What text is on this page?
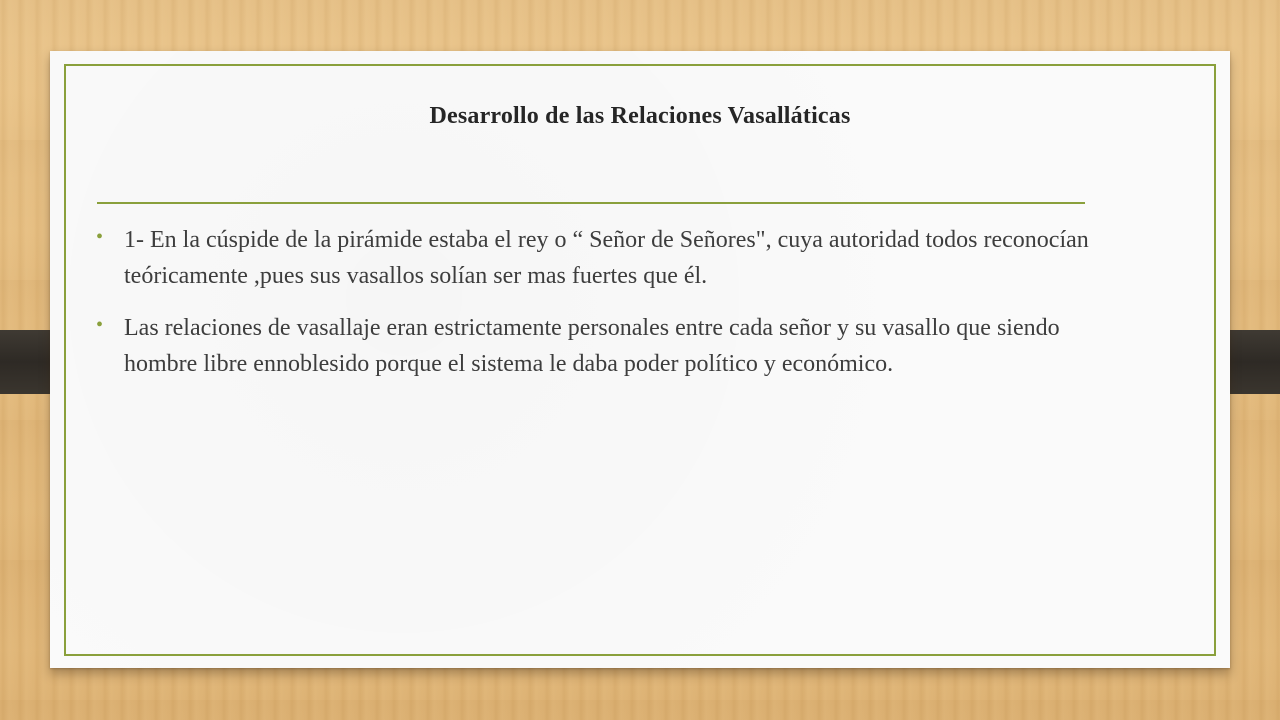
Desarrollo de las Relaciones Vasalláticas
• 1- En la cúspide de la pirámide estaba el rey o “ Señor de Señores", cuya autoridad todos reconocían teóricamente ,pues sus vasallos solían ser mas fuertes que él.
• Las relaciones de vasallaje eran estrictamente personales entre cada señor y su vasallo que siendo hombre libre ennoblesido porque el sistema le daba poder político y económico.
